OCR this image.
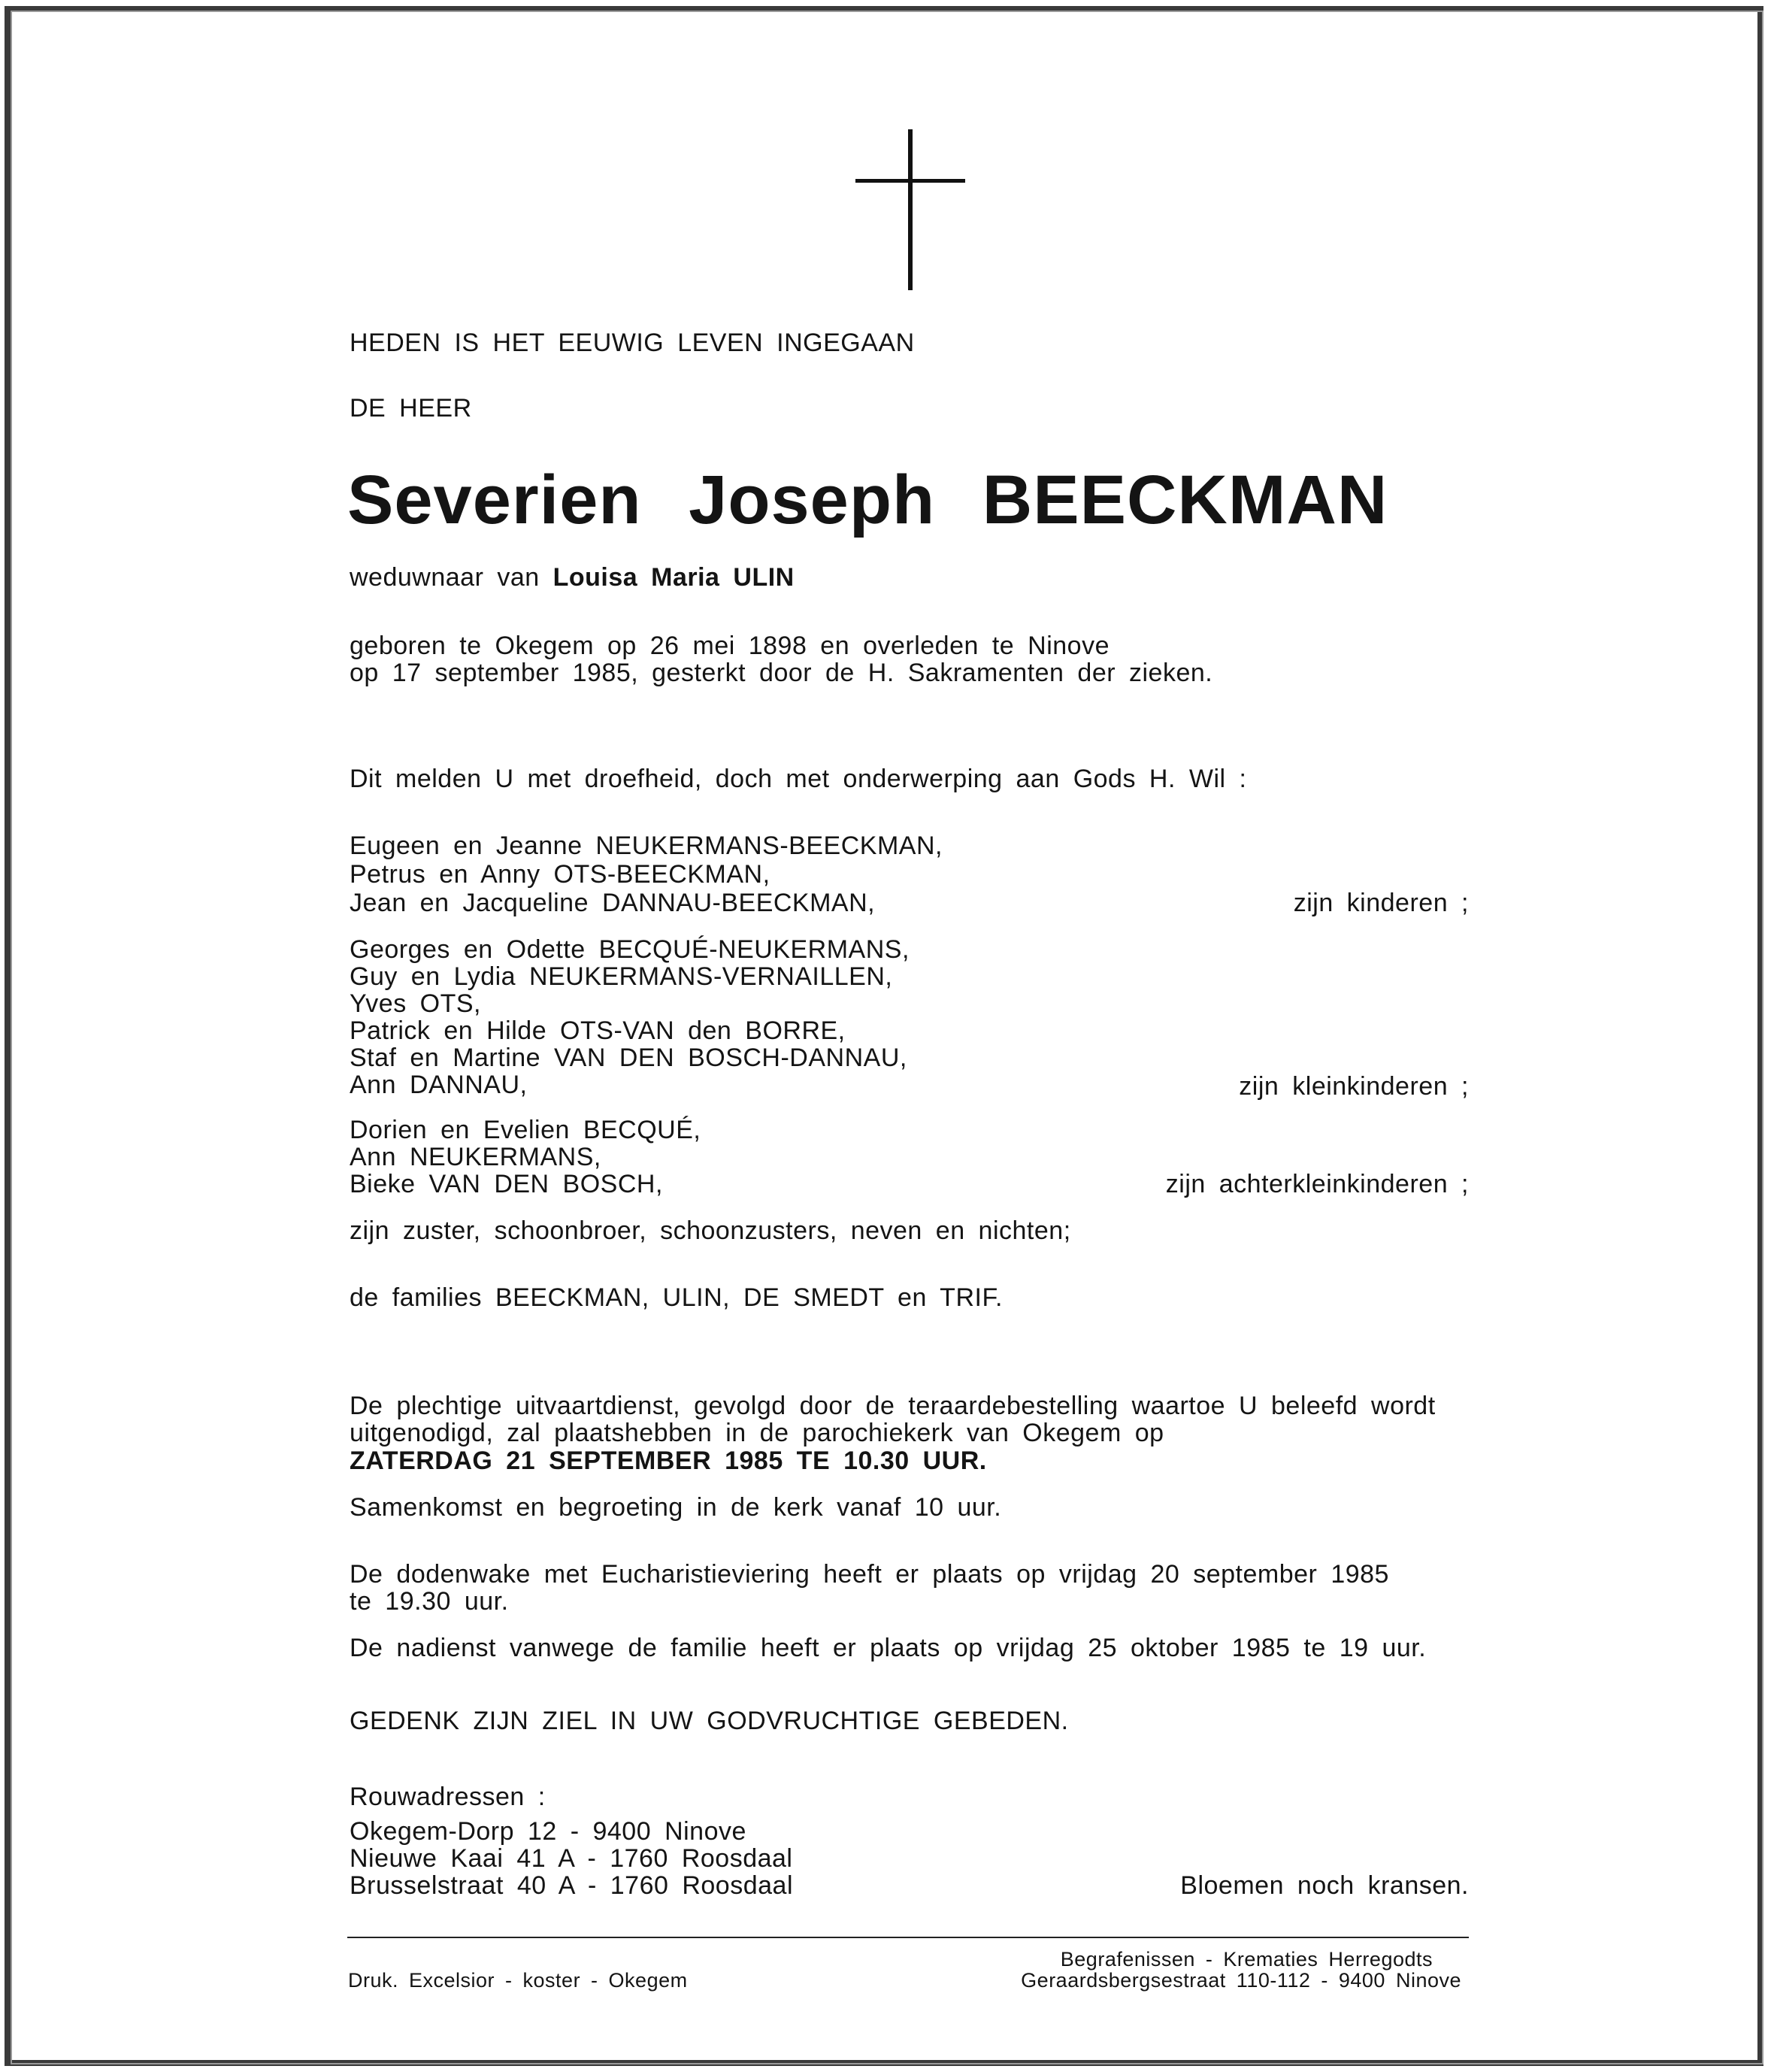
HEDEN IS HET EEUWIG LEVEN INGEGAAN
DE HEER
Severien Joseph BEECKMAN
weduwnaar van Louisa Maria ULIN
geboren te Okegem op 26 mei 1898 en overleden te Ninove
op 17 september 1985, gesterkt door de H. Sakramenten der zieken.
Dit melden U met droefheid, doch met onderwerping aan Gods H. Wil :
Eugeen en Jeanne NEUKERMANS-BEECKMAN,
Petrus en Anny OTS-BEECKMAN,
Jean en Jacqueline DANNAU-BEECKMAN,	zijn kinderen ;
Georges en Odette BECQUÉ-NEUKERMANS,
Guy en Lydia NEUKERMANS-VERNAILLEN,
Yves OTS,
Patrick en Hilde OTS-VAN den BORRE,
Staf en Martine VAN DEN BOSCH-DANNAU,
Ann DANNAU,	zijn kleinkinderen ;
Dorien en Evelien BECQUÉ,
Ann NEUKERMANS,
Bieke VAN DEN BOSCH,	zijn achterkleinkinderen ;
zijn zuster, schoonbroer, schoonzusters, neven en nichten;
de families BEECKMAN, ULIN, DE SMEDT en TRIF.
De plechtige uitvaartdienst, gevolgd door de teraardebestelling waartoe U beleefd wordt
uitgenodigd, zal plaatshebben in de parochiekerk van Okegem op
ZATERDAG 21 SEPTEMBER 1985 TE 10.30 UUR.
Samenkomst en begroeting in de kerk vanaf 10 uur.
De dodenwake met Eucharistieviering heeft er plaats op vrijdag 20 september 1985
te 19.30 uur.
De nadienst vanwege de familie heeft er plaats op vrijdag 25 oktober 1985 te 19 uur.
GEDENK ZIJN ZIEL IN UW GODVRUCHTIGE GEBEDEN.
Rouwadressen :
Okegem-Dorp 12 - 9400 Ninove
Nieuwe Kaai 41 A - 1760 Roosdaal
Brusselstraat 40 A - 1760 Roosdaal	Bloemen noch kransen.
Druk. Excelsior - koster - Okegem
Begrafenissen - Krematies Herregodts
Geraardsbergsestraat 110-112 - 9400 Ninove
